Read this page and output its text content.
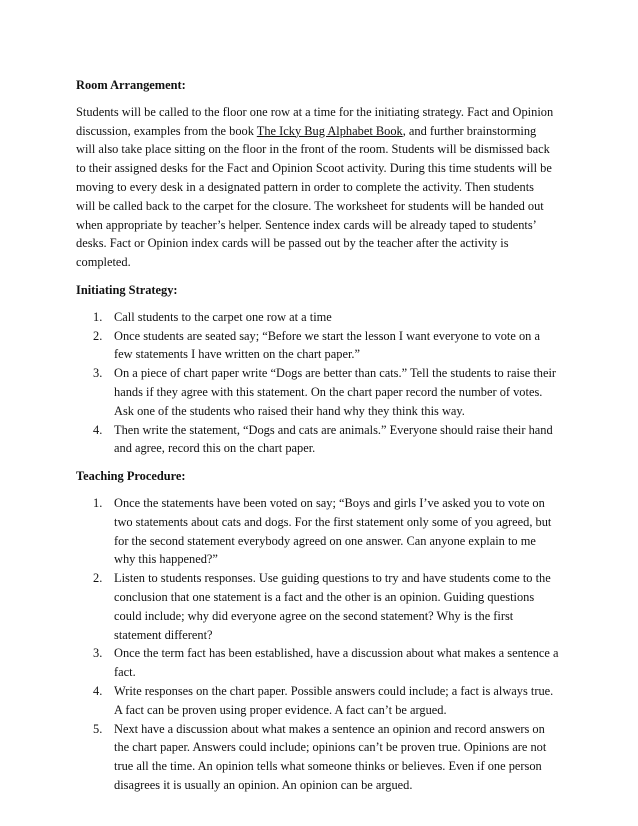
Room Arrangement:

Students will be called to the floor one row at a time for the initiating strategy. Fact and Opinion
discussion, examples from the book The Icky Bug Alphabet Book, and further brainstorming
will also take place sitting on the floor in the front of the room. Students will be dismissed back
to their assigned desks for the Fact and Opinion Scoot activity. During this time students will be
moving to every desk in a designated pattern in order to complete the activity. Then students
will be called back to the carpet for the closure. The worksheet for students will be handed out
when appropriate by teacher’s helper. Sentence index cards will be already taped to students’
desks. Fact or Opinion index cards will be passed out by the teacher after the activity is
completed.

Initiating Strategy:

1. Call students to the carpet one row at a time
2. Once students are seated say; “Before we start the lesson I want everyone to vote on a
few statements I have written on the chart paper.”
3. On a piece of chart paper write “Dogs are better than cats.” Tell the students to raise their
hands if they agree with this statement. On the chart paper record the number of votes.
Ask one of the students who raised their hand why they think this way.
4. Then write the statement, “Dogs and cats are animals.” Everyone should raise their hand
and agree, record this on the chart paper.

Teaching Procedure:

1. Once the statements have been voted on say; “Boys and girls I’ve asked you to vote on
two statements about cats and dogs. For the first statement only some of you agreed, but
for the second statement everybody agreed on one answer. Can anyone explain to me
why this happened?”
2. Listen to students responses. Use guiding questions to try and have students come to the
conclusion that one statement is a fact and the other is an opinion. Guiding questions
could include; why did everyone agree on the second statement? Why is the first
statement different?
3. Once the term fact has been established, have a discussion about what makes a sentence a
fact.
4. Write responses on the chart paper. Possible answers could include; a fact is always true.
A fact can be proven using proper evidence. A fact can’t be argued.
5. Next have a discussion about what makes a sentence an opinion and record answers on
the chart paper. Answers could include; opinions can’t be proven true. Opinions are not
true all the time. An opinion tells what someone thinks or believes. Even if one person
disagrees it is usually an opinion. An opinion can be argued.
